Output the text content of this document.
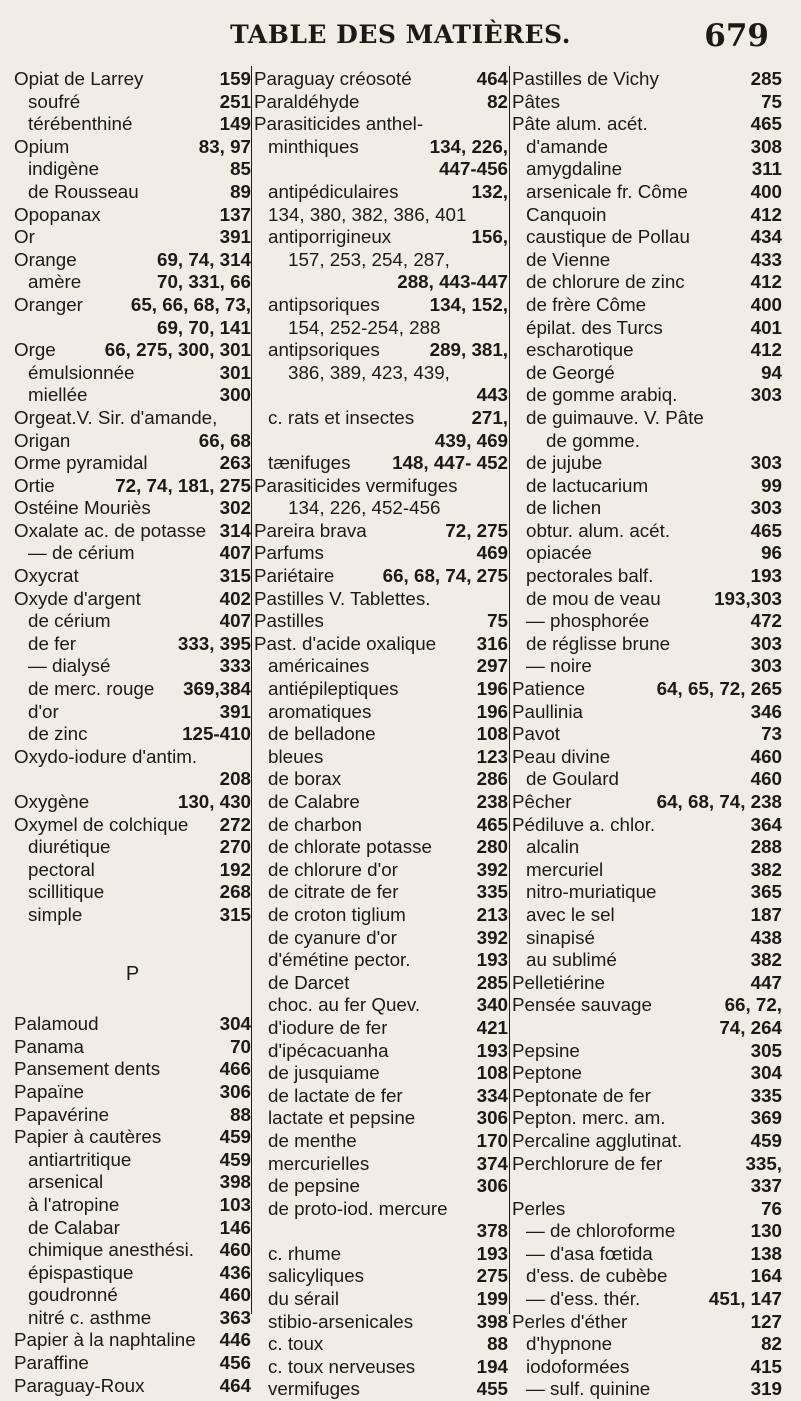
TABLE DES MATIÈRES.	679
Opiat de Larrey	159
soufré	251
térébenthiné	149
Opium	83, 97
indigène	85
de Rousseau	89
Opopanax	137
Or	391
Orange	69, 74, 314
amère	70, 331, 66
Oranger	65, 66, 68, 73,
69, 70, 141
Orge	66, 275, 300, 301
émulsionnée	301
miellée	300
Orgeat.V. Sir. d'amande,
Origan	66, 68
Orme pyramidal	263
Ortie	72, 74, 181, 275
Ostéine Mouriès	302
Oxalate ac. de potasse 314
— de cérium	407
Oxycrat	315
Oxyde d'argent	402
de cérium	407
de fer	333, 395
— dialysé	333
de merc. rouge 369,384
d'or	391
de zinc	125-410
Oxydo-iodure d'antim.
208
Oxygène	130, 430
Oxymel de colchique 272
diurétique	270
pectoral	192
scillitique	268
simple	315
P
Palamoud	304
Panama	70
Pansement dents	466
Papaïne	306
Papavérine	88
Papier à cautères	459
antiartritique	459
arsenical	398
à l'atropine	103
de Calabar	146
chimique anesthési. 460
épispastique	436
goudronné	460
nitré c. asthme	363
Papier à la naphtaline 446
Paraffine	456
Paraguay-Roux	464
Paraguay créosoté	464
Paraldéhyde	82
Parasiticides anthel-
minthiques	134, 226,
447-456
antipédiculaires	132,
134, 380, 382, 386, 401
antiporrigineux	156,
157, 253, 254, 287,
288, 443-447
antipsoriques	134, 152,
154, 252-254, 288
antipsoriques	289, 381,
386, 389, 423, 439,
443
c. rats et insectes	271,
439, 469
tænifuges 148, 447- 452
Parasiticides vermifuges
134, 226, 452-456
Pareira brava	72, 275
Parfums	469
Pariétaire	66, 68, 74, 275
Pastilles V. Tablettes.
Pastilles	75
Past. d'acide oxalique 316
américaines	297
antiépileptiques	196
aromatiques	196
de belladone	108
bleues	123
de borax	286
de Calabre	238
de charbon	465
de chlorate potasse 280
de chlorure d'or	392
de citrate de fer	335
de croton tiglium	213
de cyanure d'or	392
d'émétine pector.	193
de Darcet	285
choc. au fer Quev.	340
d'iodure de fer	421
d'ipécacuanha	193
de jusquiame	108
de lactate de fer	334
lactate et pepsine	306
de menthe	170
mercurielles	374
de pepsine	306
de proto-iod. mercure
378
c. rhume	193
salicyliques	275
du sérail	199
stibio-arsenicales	398
c. toux	88
c. toux nerveuses	194
vermifuges	455
Pastilles de Vichy	285
Pâtes	75
Pâte alum. acét.	465
d'amande	308
amygdaline	311
arsenicale fr. Côme	400
Canquoin	412
caustique de Pollau	434
de Vienne	433
de chlorure de zinc	412
de frère Côme	400
épilat. des Turcs	401
escharotique	412
de Georgé	94
de gomme arabiq.	303
de guimauve. V. Pâte
de gomme.
de jujube	303
de lactucarium	99
de lichen	303
obtur. alum. acét.	465
opiacée	96
pectorales balf.	193
de mou de veau	193,303
— phosphorée	472
de réglisse brune	303
— noire	303
Patience	64, 65, 72, 265
Paullinia	346
Pavot	73
Peau divine	460
de Goulard	460
Pêcher	64, 68, 74, 238
Pédiluve a. chlor.	364
alcalin	288
mercuriel	382
nitro-muriatique	365
avec le sel	187
sinapisé	438
au sublimé	382
Pelletiérine	447
Pensée sauvage	66, 72,
74, 264
Pepsine	305
Peptone	304
Peptonate de fer	335
Pepton. merc. am.	369
Percaline agglutinat.	459
Perchlorure de fer	335,
337
Perles	76
— de chloroforme	130
— d'asa fœtida	138
d'ess. de cubèbe	164
— d'ess. thér.	451, 147
Perles d'éther	127
d'hypnone	82
iodoformées	415
— sulf. quinine	319
